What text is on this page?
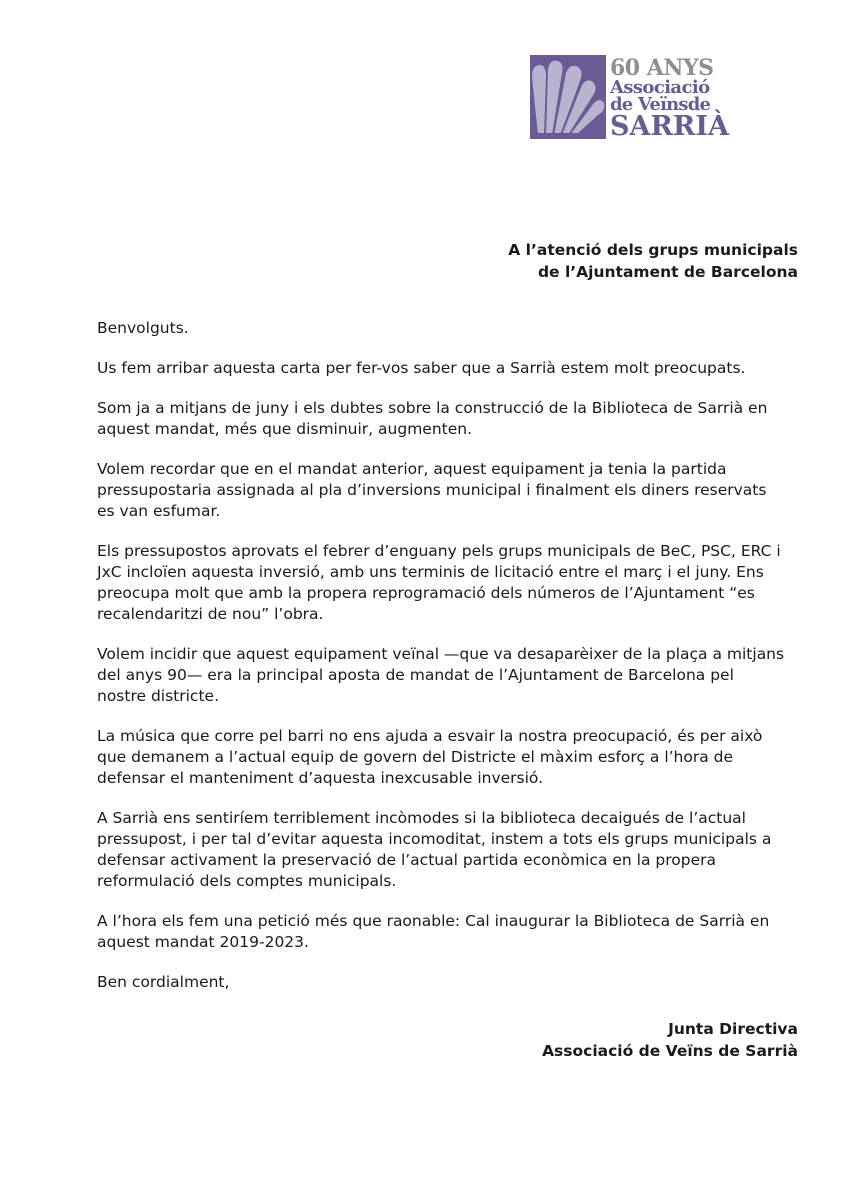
60 ANYS
Associació
de Veïnsde
SARRIÀ
A l’atenció dels grups municipals
de l’Ajuntament de Barcelona

Benvolguts.

Us fem arribar aquesta carta per fer-vos saber que a Sarrià estem molt preocupats.

Som ja a mitjans de juny i els dubtes sobre la construcció de la Biblioteca de Sarrià en aquest mandat, més que disminuir, augmenten.

Volem recordar que en el mandat anterior, aquest equipament ja tenia la partida pressupostaria assignada al pla d’inversions municipal i finalment els diners reservats es van esfumar.

Els pressupostos aprovats el febrer d’enguany pels grups municipals de BeC, PSC, ERC i JxC incloïen aquesta inversió, amb uns terminis de licitació entre el març i el juny. Ens preocupa molt que amb la propera reprogramació dels números de l’Ajuntament “es recalendaritzi de nou” l’obra.

Volem incidir que aquest equipament veïnal —que va desaparèixer de la plaça a mitjans del anys 90— era la principal aposta de mandat de l’Ajuntament de Barcelona pel nostre districte.

La música que corre pel barri no ens ajuda a esvair la nostra preocupació, és per això que demanem a l’actual equip de govern del Districte el màxim esforç a l’hora de defensar el manteniment d’aquesta inexcusable inversió.

A Sarrià ens sentiríem terriblement incòmodes si la biblioteca decaigués de l’actual pressupost, i per tal d’evitar aquesta incomoditat, instem a tots els grups municipals a defensar activament la preservació de l’actual partida econòmica en la propera reformulació dels comptes municipals.

A l’hora els fem una petició més que raonable: Cal inaugurar la Biblioteca de Sarrià en aquest mandat 2019-2023.

Ben cordialment,

Junta Directiva
Associació de Veïns de Sarrià
